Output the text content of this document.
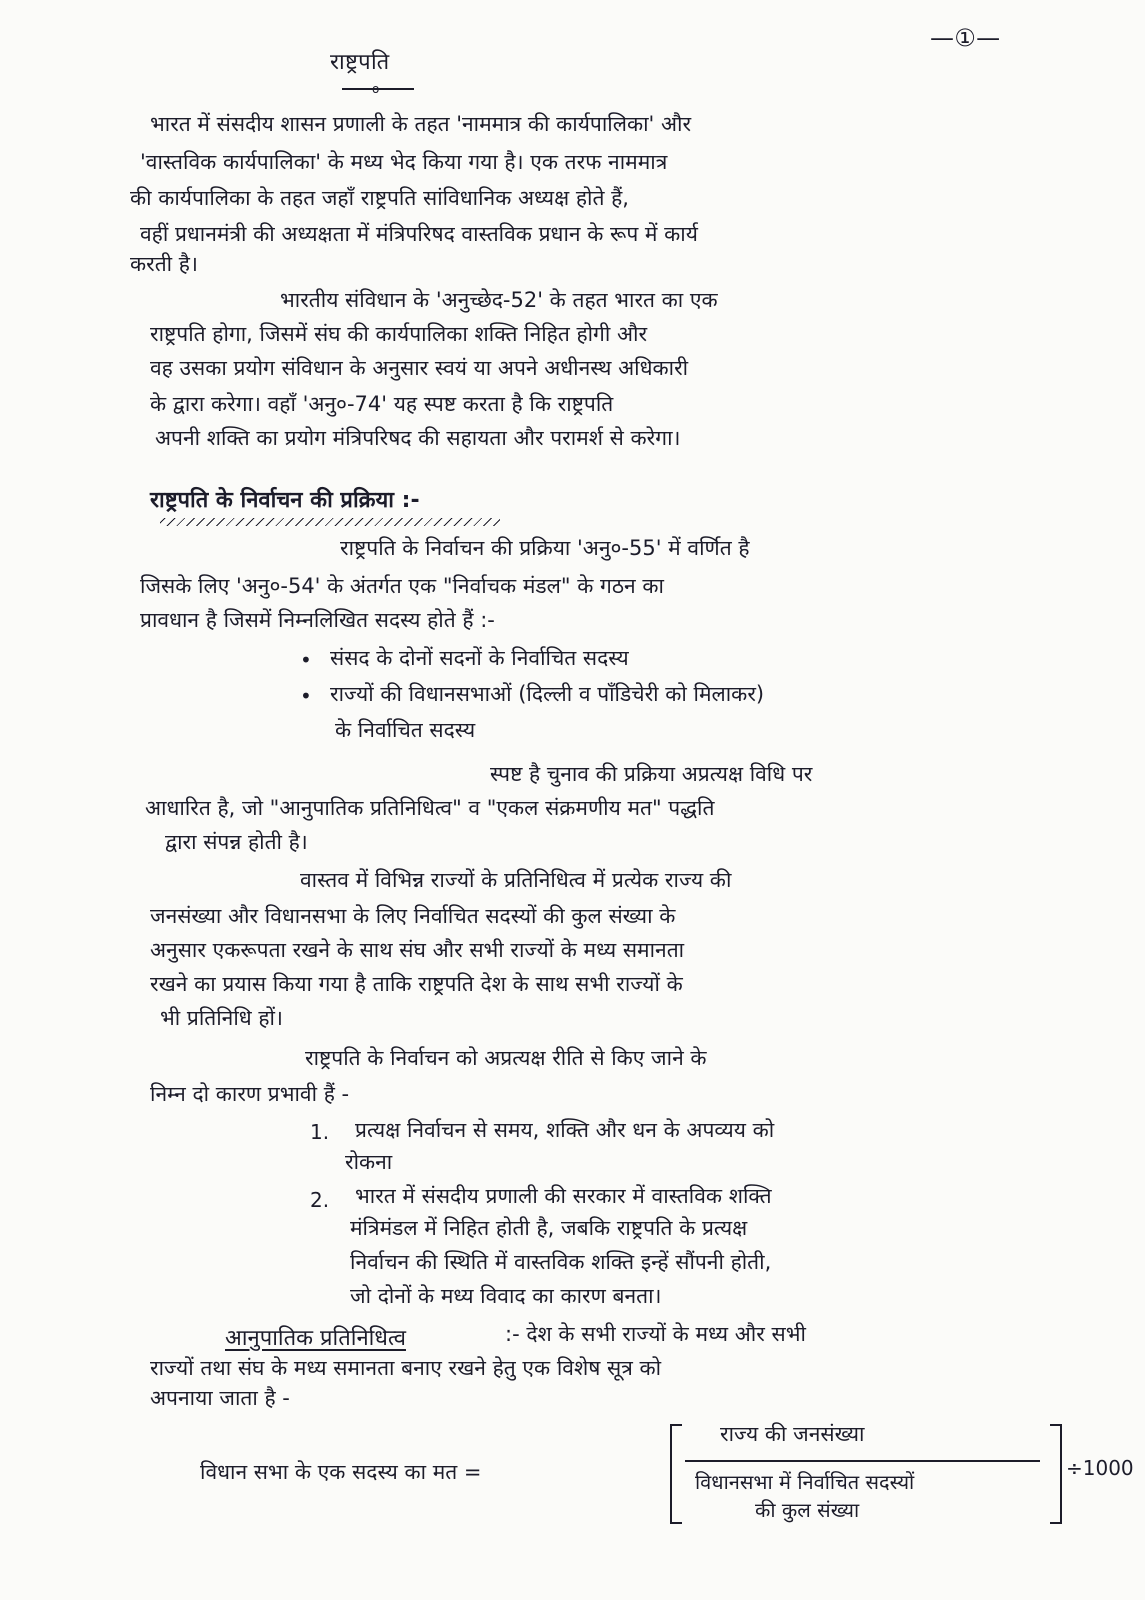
—①—
राष्ट्रपति
o
भारत में संसदीय शासन प्रणाली के तहत 'नाममात्र की कार्यपालिका' और
'वास्तविक कार्यपालिका' के मध्य भेद किया गया है। एक तरफ नाममात्र
की कार्यपालिका के तहत जहाँ राष्ट्रपति सांविधानिक अध्यक्ष होते हैं,
वहीं प्रधानमंत्री की अध्यक्षता में मंत्रिपरिषद वास्तविक प्रधान के रूप में कार्य
करती है।
भारतीय संविधान के 'अनुच्छेद-52' के तहत भारत का एक
राष्ट्रपति होगा, जिसमें संघ की कार्यपालिका शक्ति निहित होगी और
वह उसका प्रयोग संविधान के अनुसार स्वयं या अपने अधीनस्थ अधिकारी
के द्वारा करेगा। वहाँ 'अनु०-74' यह स्पष्ट करता है कि राष्ट्रपति
अपनी शक्ति का प्रयोग मंत्रिपरिषद की सहायता और परामर्श से करेगा।
राष्ट्रपति के निर्वाचन की प्रक्रिया :-
राष्ट्रपति के निर्वाचन की प्रक्रिया 'अनु०-55' में वर्णित है
जिसके लिए 'अनु०-54' के अंतर्गत एक "निर्वाचक मंडल" के गठन का
प्रावधान है जिसमें निम्नलिखित सदस्य होते हैं :-
• संसद के दोनों सदनों के निर्वाचित सदस्य
• राज्यों की विधानसभाओं (दिल्ली व पाँडिचेरी को मिलाकर)
के निर्वाचित सदस्य
स्पष्ट है चुनाव की प्रक्रिया अप्रत्यक्ष विधि पर
आधारित है, जो "आनुपातिक प्रतिनिधित्व" व "एकल संक्रमणीय मत" पद्धति
द्वारा संपन्न होती है।
वास्तव में विभिन्न राज्यों के प्रतिनिधित्व में प्रत्येक राज्य की
जनसंख्या और विधानसभा के लिए निर्वाचित सदस्यों की कुल संख्या के
अनुसार एकरूपता रखने के साथ संघ और सभी राज्यों के मध्य समानता
रखने का प्रयास किया गया है ताकि राष्ट्रपति देश के साथ सभी राज्यों के
भी प्रतिनिधि हों।
राष्ट्रपति के निर्वाचन को अप्रत्यक्ष रीति से किए जाने के
निम्न दो कारण प्रभावी हैं -
1. प्रत्यक्ष निर्वाचन से समय, शक्ति और धन के अपव्यय को
रोकना
2. भारत में संसदीय प्रणाली की सरकार में वास्तविक शक्ति
मंत्रिमंडल में निहित होती है, जबकि राष्ट्रपति के प्रत्यक्ष
निर्वाचन की स्थिति में वास्तविक शक्ति इन्हें सौंपनी होती,
जो दोनों के मध्य विवाद का कारण बनता।
आनुपातिक प्रतिनिधित्व	:- देश के सभी राज्यों के मध्य और सभी
राज्यों तथा संघ के मध्य समानता बनाए रखने हेतु एक विशेष सूत्र को
अपनाया जाता है -
विधान सभा के एक सदस्य का मत =
राज्य की जनसंख्या
विधानसभा में निर्वाचित सदस्यों
की कुल संख्या
÷1000
